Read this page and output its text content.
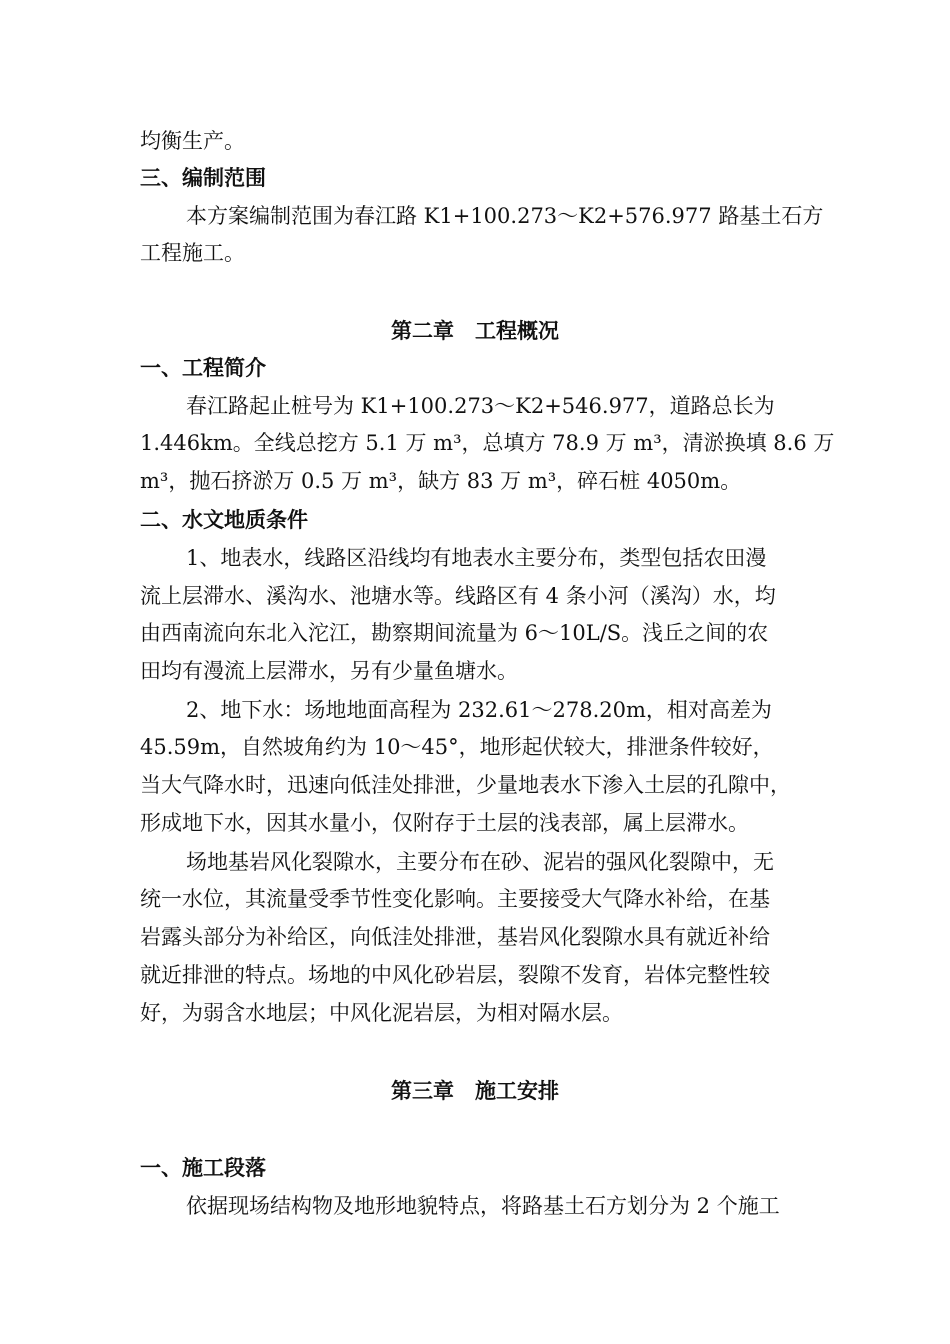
均衡生产。
三、编制范围
本方案编制范围为春江路 K1+100.273～K2+576.977 路基土石方
工程施工。
第二章　工程概况
一、工程简介
春江路起止桩号为 K1+100.273～K2+546.977，道路总长为
1.446km。全线总挖方 5.1 万 m³，总填方 78.9 万 m³，清淤换填 8.6 万
m³，抛石挤淤万 0.5 万 m³，缺方 83 万 m³，碎石桩 4050m。
二、水文地质条件
1、地表水，线路区沿线均有地表水主要分布，类型包括农田漫
流上层滞水、溪沟水、池塘水等。线路区有 4 条小河（溪沟）水，均
由西南流向东北入沱江，勘察期间流量为 6～10L/S。浅丘之间的农
田均有漫流上层滞水，另有少量鱼塘水。
2、地下水：场地地面高程为 232.61～278.20m，相对高差为
45.59m，自然坡角约为 10～45°，地形起伏较大，排泄条件较好，
当大气降水时，迅速向低洼处排泄，少量地表水下渗入土层的孔隙中，
形成地下水，因其水量小，仅附存于土层的浅表部，属上层滞水。
场地基岩风化裂隙水，主要分布在砂、泥岩的强风化裂隙中，无
统一水位，其流量受季节性变化影响。主要接受大气降水补给，在基
岩露头部分为补给区，向低洼处排泄，基岩风化裂隙水具有就近补给
就近排泄的特点。场地的中风化砂岩层，裂隙不发育，岩体完整性较
好，为弱含水地层；中风化泥岩层，为相对隔水层。
第三章　施工安排
一、施工段落
依据现场结构物及地形地貌特点，将路基土石方划分为 2 个施工
